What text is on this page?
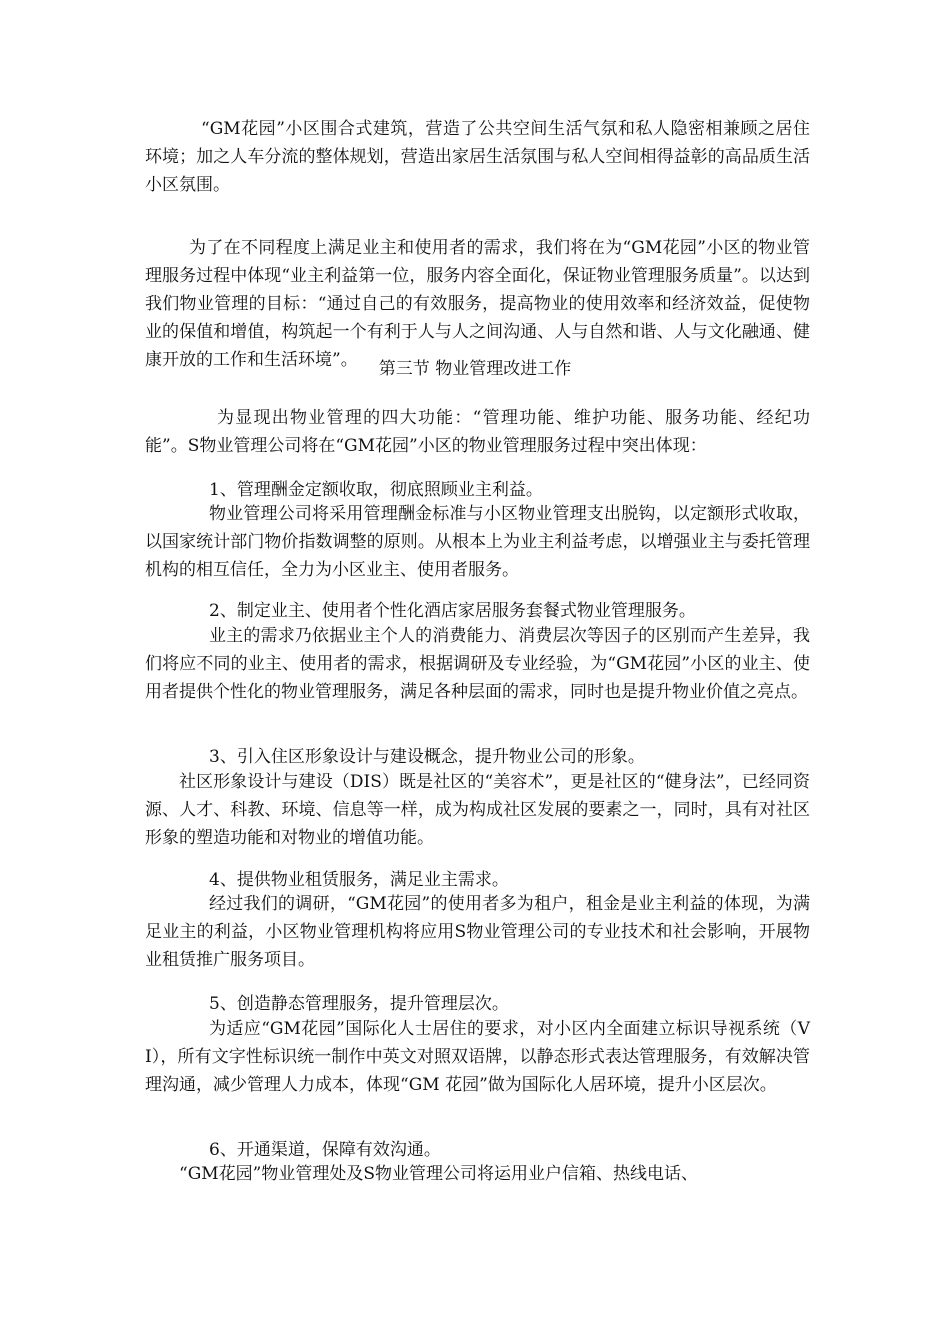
“GM花园”小区围合式建筑，营造了公共空间生活气氛和私人隐密相兼顾之居住环境；加之人车分流的整体规划，营造出家居生活氛围与私人空间相得益彰的高品质生活小区氛围。

为了在不同程度上满足业主和使用者的需求，我们将在为“GM花园”小区的物业管理服务过程中体现“业主利益第一位，服务内容全面化，保证物业管理服务质量”。以达到我们物业管理的目标：“通过自己的有效服务，提高物业的使用效率和经济效益，促使物业的保值和增值，构筑起一个有利于人与人之间沟通、人与自然和谐、人与文化融通、健康开放的工作和生活环境”。	第三节 物业管理改进工作

为显现出物业管理的四大功能：“管理功能、维护功能、服务功能、经纪功能”。S物业管理公司将在“GM花园”小区的物业管理服务过程中突出体现：

1、管理酬金定额收取，彻底照顾业主利益。

物业管理公司将采用管理酬金标准与小区物业管理支出脱钩，以定额形式收取，以国家统计部门物价指数调整的原则。从根本上为业主利益考虑，以增强业主与委托管理机构的相互信任，全力为小区业主、使用者服务。

2、制定业主、使用者个性化酒店家居服务套餐式物业管理服务。

业主的需求乃依据业主个人的消费能力、消费层次等因子的区别而产生差异，我们将应不同的业主、使用者的需求，根据调研及专业经验，为“GM花园”小区的业主、使用者提供个性化的物业管理服务，满足各种层面的需求，同时也是提升物业价值之亮点。

3、引入住区形象设计与建设概念，提升物业公司的形象。

社区形象设计与建设（DIS）既是社区的“美容术”，更是社区的“健身法”，已经同资源、人才、科教、环境、信息等一样，成为构成社区发展的要素之一，同时，具有对社区形象的塑造功能和对物业的增值功能。

4、提供物业租赁服务，满足业主需求。

经过我们的调研，“GM花园”的使用者多为租户，租金是业主利益的体现，为满足业主的利益，小区物业管理机构将应用S物业管理公司的专业技术和社会影响，开展物业租赁推广服务项目。

5、创造静态管理服务，提升管理层次。

为适应“GM花园”国际化人士居住的要求，对小区内全面建立标识导视系统（VI），所有文字性标识统一制作中英文对照双语牌，以静态形式表达管理服务，有效解决管理沟通，减少管理人力成本，体现“GM 花园”做为国际化人居环境，提升小区层次。

6、开通渠道，保障有效沟通。

“GM花园”物业管理处及S物业管理公司将运用业户信箱、热线电话、
